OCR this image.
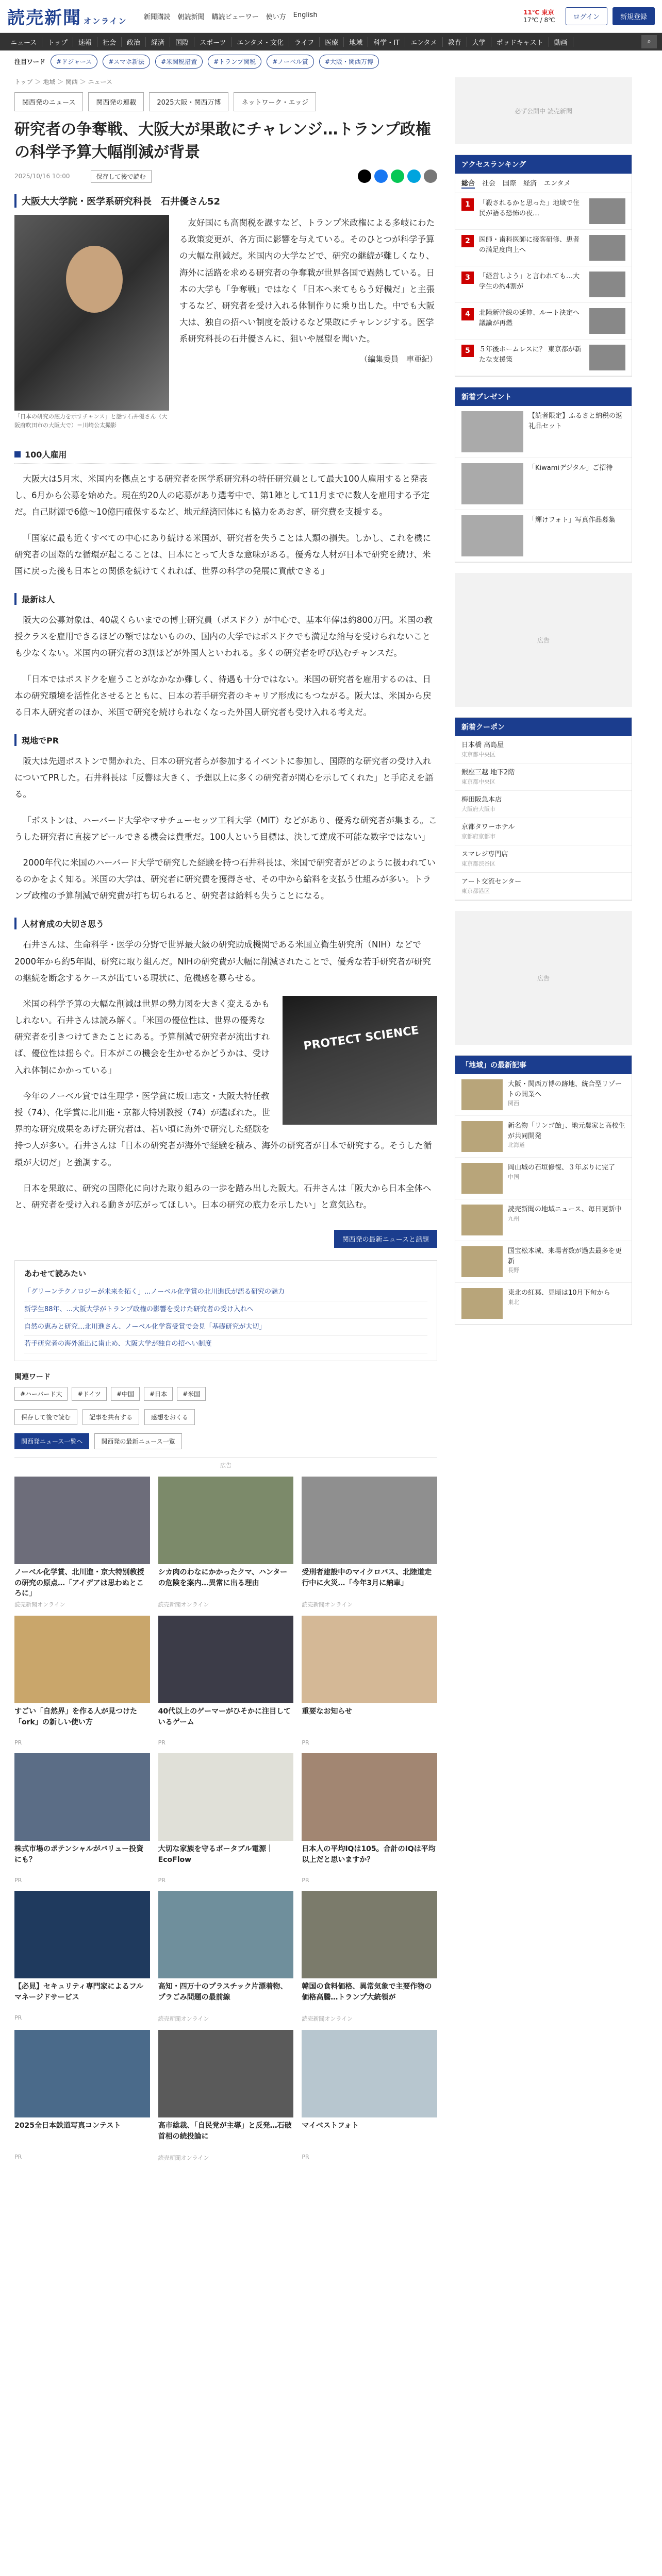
読売新聞 オンライン 新聞購読 朝読新聞 購読ビューワー 使い方 English	11℃ 東京
17℃ / 8℃	ログイン	新規登録
ニュース	トップ	速報	社会	政治	経済	国際	スポーツ	エンタメ・文化	ライフ	医療	地域	科学・IT	エンタメ	教育	大学	ポッドキャスト	動画	⌕
注目ワード	#ドジャース	#スマホ新法	#米関税措置	#トランプ関税	#ノーベル賞	#大阪・関西万博
トップ ＞ 地域 ＞ 関西 ＞ ニュース
関西発のニュース	関西発の連載	2025大阪・関西万博	ネットワーク・エッジ
研究者の争奪戦、大阪大が果敢にチャレンジ…トランプ政権の科学予算大幅削減が背景
2025/10/16 10:00	保存して後で読む
大阪大大学院・医学系研究科長　石井優さん52
「日本の研究の底力を示すチャンス」と話す石井優さん（大阪府吹田市の大阪大で）＝川崎公太撮影

友好国にも高関税を課すなど、トランプ米政権による多岐にわたる政策変更が、各方面に影響を与えている。そのひとつが科学予算の大幅な削減だ。米国内の大学などで、研究の継続が難しくなり、海外に活路を求める研究者の争奪戦が世界各国で過熱している。日本の大学も「争奪戦」ではなく「日本へ来てもらう好機だ」と主張するなど、研究者を受け入れる体制作りに乗り出した。中でも大阪大は、独自の招へい制度を設けるなど果敢にチャレンジする。医学系研究科長の石井優さんに、狙いや展望を聞いた。

（編集委員　車亜紀）
100人雇用

大阪大は5月末、米国内を拠点とする研究者を医学系研究科の特任研究員として最大100人雇用すると発表し、6月から公募を始めた。現在約20人の応募があり選考中で、第1陣として11月までに数人を雇用する予定だ。自己財源で6億〜10億円確保するなど、地元経済団体にも協力をあおぎ、研究費を支援する。

「国家に最も近くすべての中心にあり続ける米国が、研究者を失うことは人類の損失。しかし、これを機に研究者の国際的な循環が起こることは、日本にとって大きな意味がある。優秀な人材が日本で研究を続け、米国に戻った後も日本との関係を続けてくれれば、世界の科学の発展に貢献できる」

最新は人

阪大の公募対象は、40歳くらいまでの博士研究員（ポスドク）が中心で、基本年俸は約800万円。米国の教授クラスを雇用できるほどの額ではないものの、国内の大学ではポスドクでも満足な給与を受けられないことも少なくない。米国内の研究者の3割ほどが外国人といわれる。多くの研究者を呼び込むチャンスだ。

「日本ではポスドクを雇うことがなかなか難しく、待遇も十分ではない。米国の研究者を雇用するのは、日本の研究環境を活性化させるとともに、日本の若手研究者のキャリア形成にもつながる。阪大は、米国から戻る日本人研究者のほか、米国で研究を続けられなくなった外国人研究者も受け入れる考えだ。

現地でPR

阪大は先週ボストンで開かれた、日本の研究者らが参加するイベントに参加し、国際的な研究者の受け入れについてPRした。石井科長は「反響は大きく、予想以上に多くの研究者が関心を示してくれた」と手応えを語る。

「ボストンは、ハーバード大学やマサチューセッツ工科大学（MIT）などがあり、優秀な研究者が集まる。こうした研究者に直接アピールできる機会は貴重だ。100人という目標は、決して達成不可能な数字ではない」

2000年代に米国のハーバード大学で研究した経験を持つ石井科長は、米国で研究者がどのように扱われているのかをよく知る。米国の大学は、研究者に研究費を獲得させ、その中から給料を支払う仕組みが多い。トランプ政権の予算削減で研究費が打ち切られると、研究者は給料も失うことになる。

人材育成の大切さ思う

石井さんは、生命科学・医学の分野で世界最大級の研究助成機関である米国立衛生研究所（NIH）などで2000年から約5年間、研究に取り組んだ。NIHの研究費が大幅に削減されたことで、優秀な若手研究者が研究の継続を断念するケースが出ている現状に、危機感を募らせる。

PROTECT SCIENCE

米国の科学予算の大幅な削減は世界の勢力図を大きく変えるかもしれない。石井さんは読み解く。「米国の優位性は、世界の優秀な研究者を引きつけてきたことにある。予算削減で研究者が流出すれば、優位性は揺らぐ。日本がこの機会を生かせるかどうかは、受け入れ体制にかかっている」

今年のノーベル賞では生理学・医学賞に坂口志文・大阪大特任教授（74）、化学賞に北川進・京都大特別教授（74）が選ばれた。世界的な研究成果をあげた研究者は、若い頃に海外で研究した経験を持つ人が多い。石井さんは「日本の研究者が海外で経験を積み、海外の研究者が日本で研究する。そうした循環が大切だ」と強調する。

日本を果敢に、研究の国際化に向けた取り組みの一歩を踏み出した阪大。石井さんは「阪大から日本全体へと、研究者を受け入れる動きが広がってほしい。日本の研究の底力を示したい」と意気込む。

関西発の最新ニュースと話題
あわせて読みたい
「グリーンテクノロジーが未来を拓く」...ノーベル化学賞の北川進氏が語る研究の魅力
新学生88年、...大阪大学がトランプ政権の影響を受けた研究者の受け入れへ
自然の恵みと研究…北川進さん、ノーベル化学賞受賞で会見「基礎研究が大切」
若手研究者の海外流出に歯止め、大阪大学が独自の招へい制度
関連ワード
#ハーバード大	#ドイツ	#中国	#日本	#米国
保存して後で読む	記事を共有する	感想をおくる
関西発ニュース一覧へ	関西発の最新ニュース一覧
広告
ノーベル化学賞、北川進・京大特別教授の研究の原点…「アイデアは思わぬところに」
読売新聞オンライン
シカ肉のわなにかかったクマ、ハンターの危険を案内…異常に出る理由
読売新聞オンライン
受刑者建設中のマイクロバス、北陸道走行中に火災…「今年3月に納車」
読売新聞オンライン
すごい「自然界」を作る人が見つけた「ork」の新しい使い方
PR
40代以上のゲーマーがひそかに注目しているゲーム
PR
重要なお知らせ
PR
株式市場のポテンシャルがバリュー投資にも？
PR
大切な家族を守るポータブル電源｜EcoFlow
PR
日本人の平均IQは105。合計のIQは平均以上だと思いますか？
PR
【必見】セキュリティ専門家によるフルマネージドサービス
PR
高知・四万十のプラスチック片漂着物、プラごみ問題の最前線
読売新聞オンライン
韓国の食料価格、異常気象で主要作物の価格高騰…トランプ大統領が
読売新聞オンライン
2025全日本鉄道写真コンテスト
PR
高市総裁、「自民党が主導」と反発…石破首相の続投論に
読売新聞オンライン
マイベストフォト
PR
必ず公開中 読売新聞
アクセスランキング
総合 社会 国際 経済 エンタメ
1	「殺されるかと思った」地域で住民が語る恐怖の夜…
2	医師・歯科医師に接客研修、患者の満足度向上へ
3	「経営しよう」と言われても…大学生の約4割が
4	北陸新幹線の延伸、ルート決定へ議論が再燃
5	５年後ホームレスに？ 東京都が新たな支援策
新着プレゼント
【読者限定】ふるさと納税の返礼品セット
「Kiwamiデジタル」ご招待
「輝けフォト」写真作品募集
広告
新着クーポン
日本橋 高島屋
東京都中央区
銀座三越 地下2階
東京都中央区
梅田阪急本店
大阪府大阪市
京都タワーホテル
京都府京都市
スマレジ専門店
東京都渋谷区
アート交流センター
東京都港区
広告
「地域」の最新記事
大阪・関西万博の跡地、統合型リゾートの開業へ
関西
新名物「リンゴ飴」、地元農家と高校生が共同開発
北海道
岡山城の石垣修復、３年ぶりに完了
中国
読売新聞の地域ニュース、毎日更新中
九州
国宝松本城、来場者数が過去最多を更新
長野
東北の紅葉、見頃は10月下旬から
東北
